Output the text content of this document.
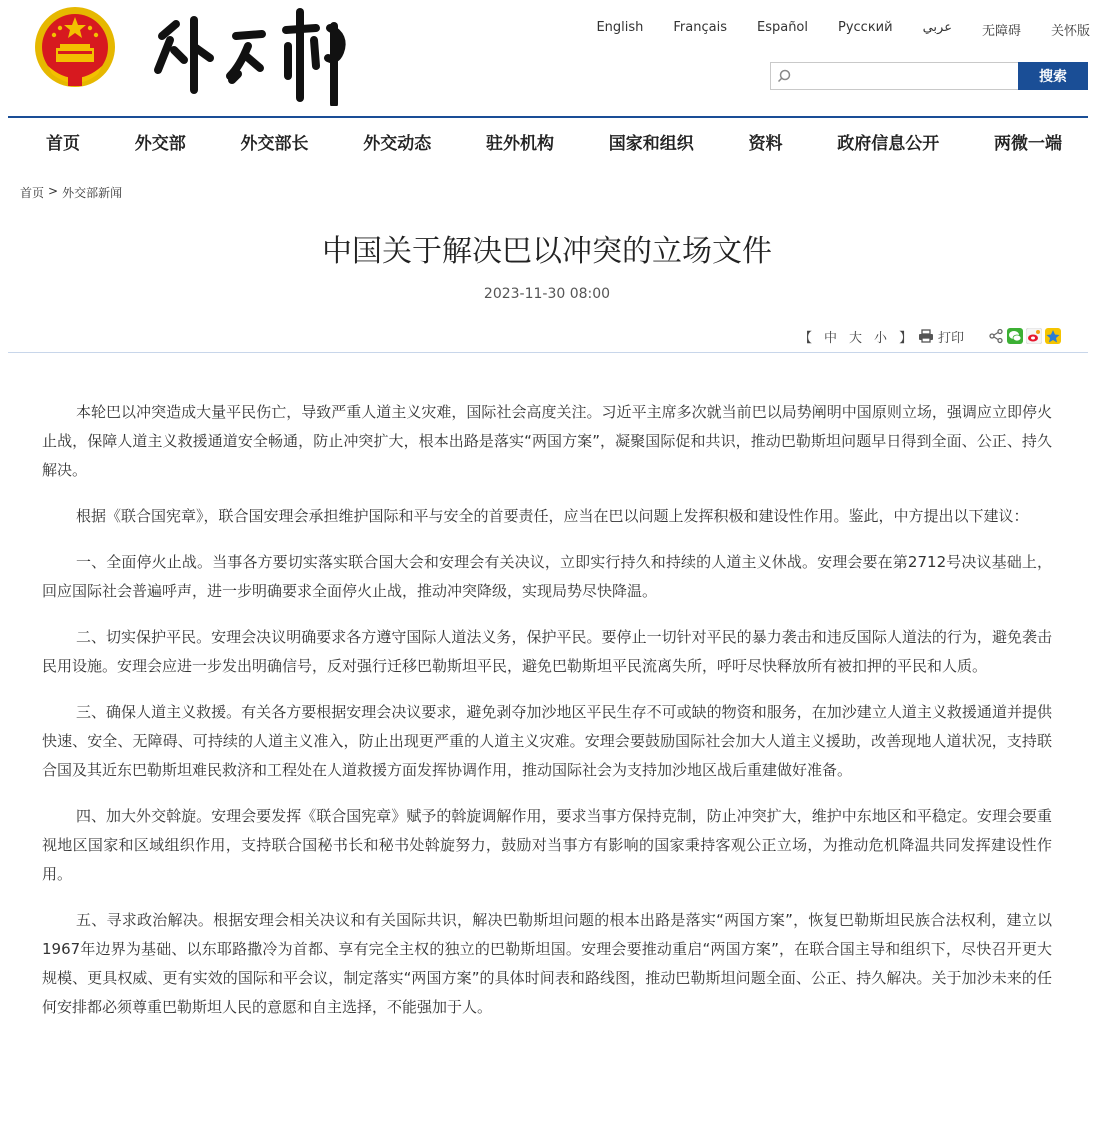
English Français Español Русский عربي 无障碍 关怀版
搜索
首页	外交部	外交部长	外交动态	驻外机构	国家和组织	资料	政府信息公开	两微一端
首页 > 外交部新闻
中国关于解决巴以冲突的立场文件
2023-11-30 08:00
【 中 大 小 】 打印

本轮巴以冲突造成大量平民伤亡，导致严重人道主义灾难，国际社会高度关注。习近平主席多次就当前巴以局势阐明中国原则立场，强调应立即停火止战，保障人道主义救援通道安全畅通，防止冲突扩大，根本出路是落实“两国方案”，凝聚国际促和共识，推动巴勒斯坦问题早日得到全面、公正、持久解决。

根据《联合国宪章》，联合国安理会承担维护国际和平与安全的首要责任，应当在巴以问题上发挥积极和建设性作用。鉴此，中方提出以下建议：

一、全面停火止战。当事各方要切实落实联合国大会和安理会有关决议，立即实行持久和持续的人道主义休战。安理会要在第2712号决议基础上，回应国际社会普遍呼声，进一步明确要求全面停火止战，推动冲突降级，实现局势尽快降温。

二、切实保护平民。安理会决议明确要求各方遵守国际人道法义务，保护平民。要停止一切针对平民的暴力袭击和违反国际人道法的行为，避免袭击民用设施。安理会应进一步发出明确信号，反对强行迁移巴勒斯坦平民，避免巴勒斯坦平民流离失所，呼吁尽快释放所有被扣押的平民和人质。

三、确保人道主义救援。有关各方要根据安理会决议要求，避免剥夺加沙地区平民生存不可或缺的物资和服务，在加沙建立人道主义救援通道并提供快速、安全、无障碍、可持续的人道主义准入，防止出现更严重的人道主义灾难。安理会要鼓励国际社会加大人道主义援助，改善现地人道状况，支持联合国及其近东巴勒斯坦难民救济和工程处在人道救援方面发挥协调作用，推动国际社会为支持加沙地区战后重建做好准备。

四、加大外交斡旋。安理会要发挥《联合国宪章》赋予的斡旋调解作用，要求当事方保持克制，防止冲突扩大，维护中东地区和平稳定。安理会要重视地区国家和区域组织作用，支持联合国秘书长和秘书处斡旋努力，鼓励对当事方有影响的国家秉持客观公正立场，为推动危机降温共同发挥建设性作用。

五、寻求政治解决。根据安理会相关决议和有关国际共识，解决巴勒斯坦问题的根本出路是落实“两国方案”，恢复巴勒斯坦民族合法权利，建立以1967年边界为基础、以东耶路撒冷为首都、享有完全主权的独立的巴勒斯坦国。安理会要推动重启“两国方案”，在联合国主导和组织下，尽快召开更大规模、更具权威、更有实效的国际和平会议，制定落实“两国方案”的具体时间表和路线图，推动巴勒斯坦问题全面、公正、持久解决。关于加沙未来的任何安排都必须尊重巴勒斯坦人民的意愿和自主选择，不能强加于人。
